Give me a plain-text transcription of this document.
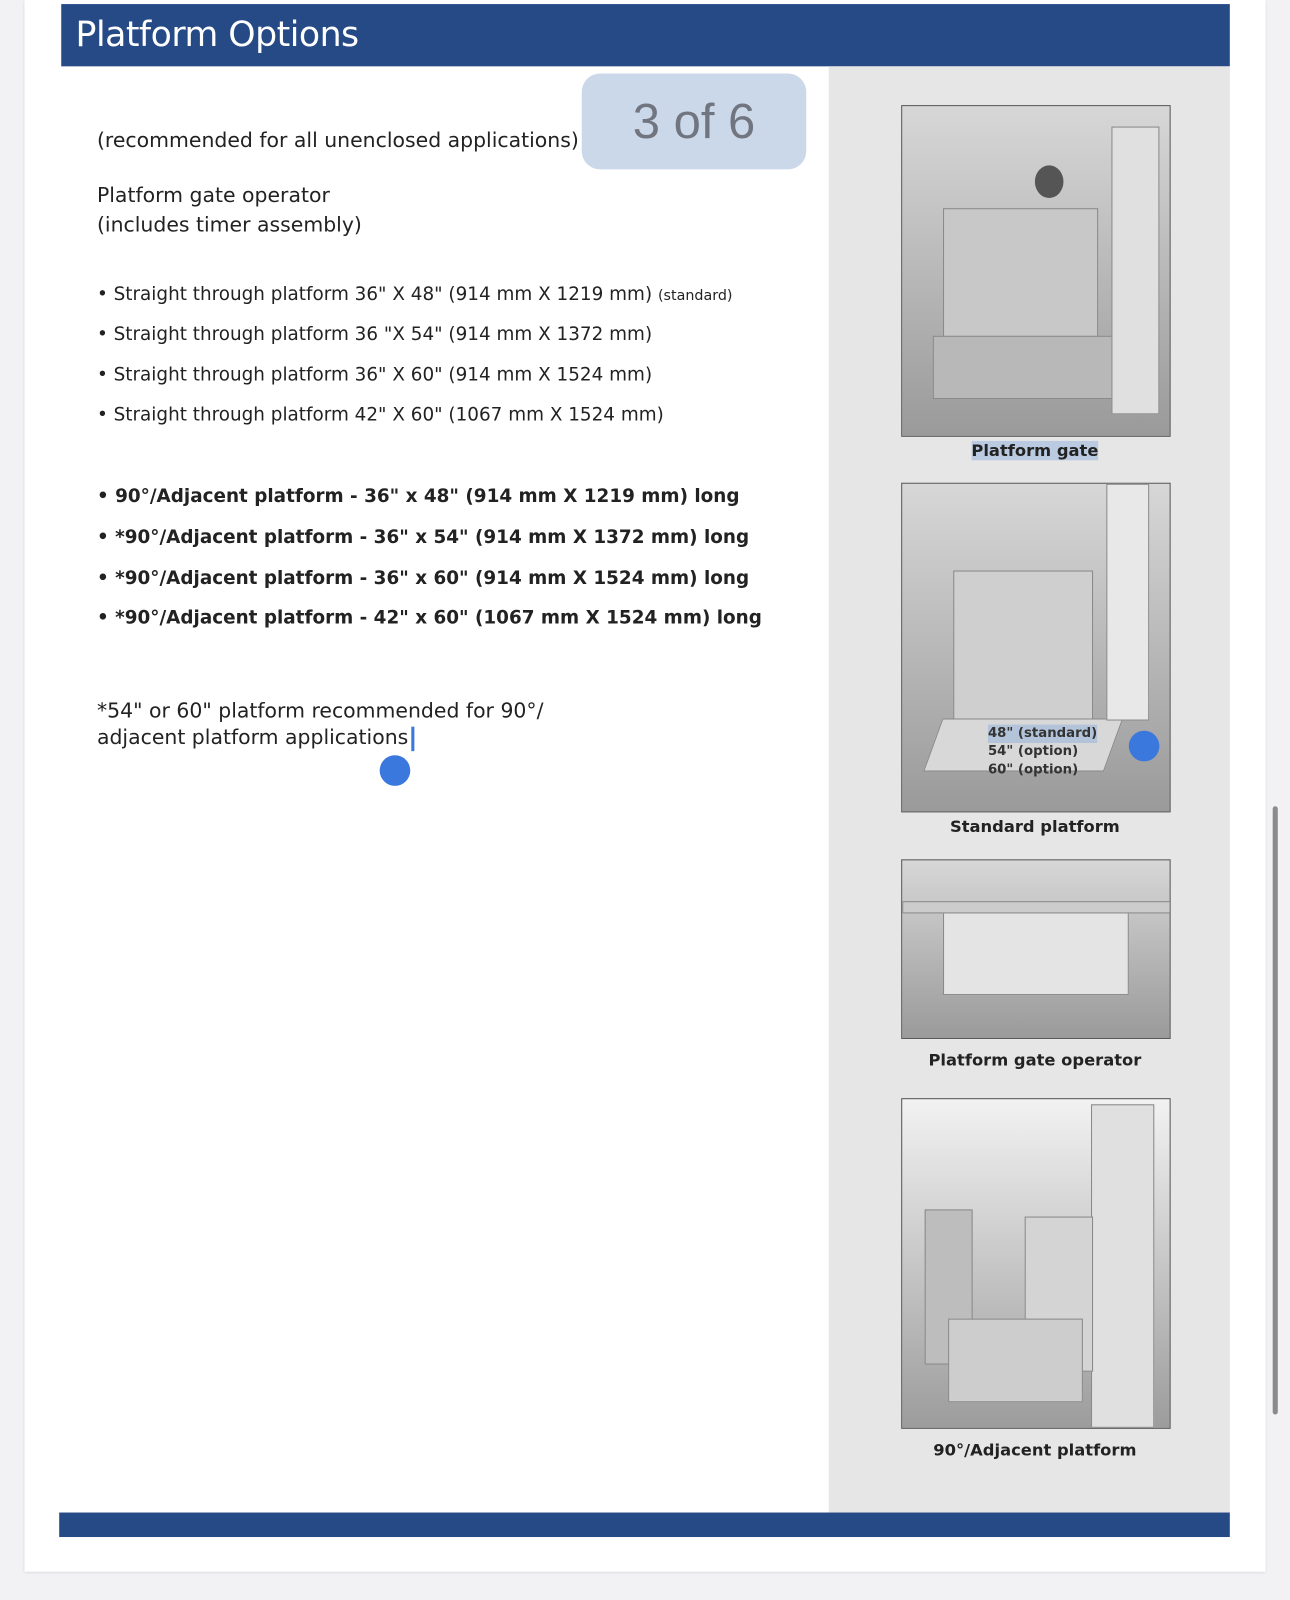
Platform Options
(recommended for all unenclosed applications)	3 of 6
Platform gate operator
(includes timer assembly)
• Straight through platform 36" X 48" (914 mm X 1219 mm) (standard)
• Straight through platform 36 "X 54" (914 mm X 1372 mm)
• Straight through platform 36" X 60" (914 mm X 1524 mm)
• Straight through platform 42" X 60" (1067 mm X 1524 mm)
• 90°/Adjacent platform - 36" x 48" (914 mm X 1219 mm) long
• *90°/Adjacent platform - 36" x 54" (914 mm X 1372 mm) long
• *90°/Adjacent platform - 36" x 60" (914 mm X 1524 mm) long
• *90°/Adjacent platform - 42" x 60" (1067 mm X 1524 mm) long
*54" or 60" platform recommended for 90°/
adjacent platform applications
Platform gate
48" (standard)
54" (option)
60" (option)
Standard platform
Platform gate operator
90°/Adjacent platform
